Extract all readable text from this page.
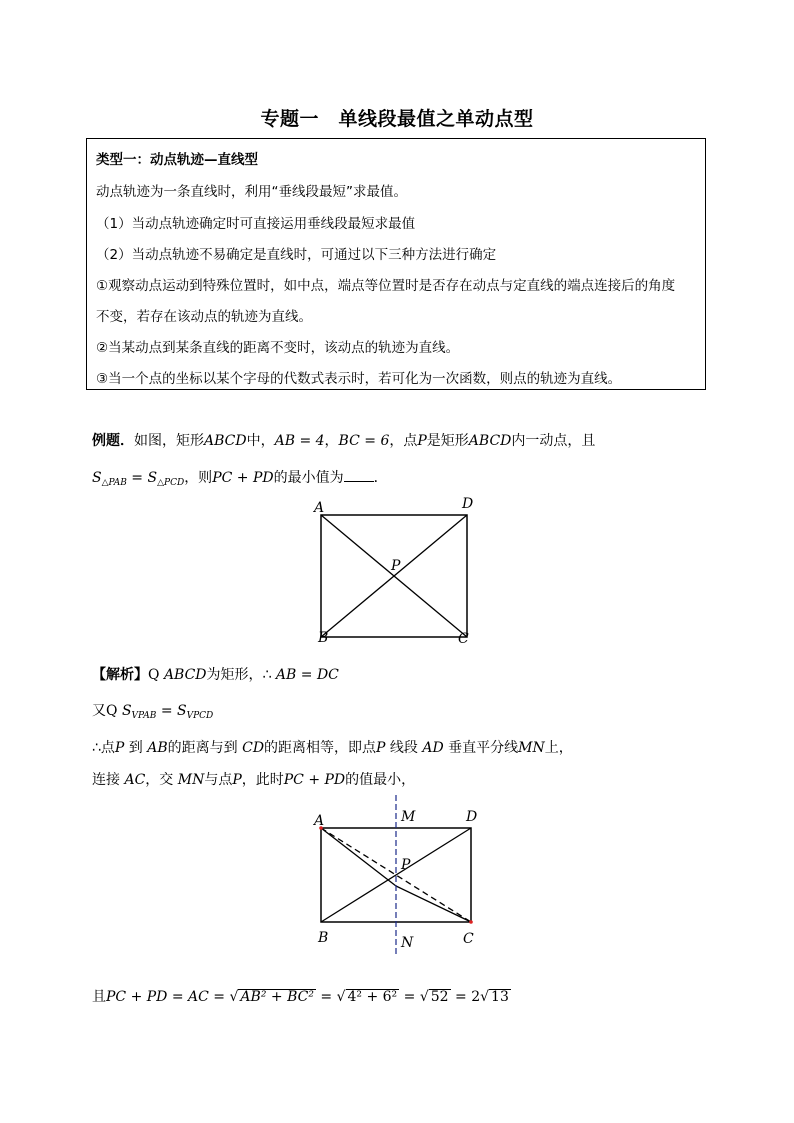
专题一　单线段最值之单动点型
类型一：动点轨迹—直线型
动点轨迹为一条直线时，利用“垂线段最短”求最值。
（1）当动点轨迹确定时可直接运用垂线段最短求最值
（2）当动点轨迹不易确定是直线时，可通过以下三种方法进行确定
①观察动点运动到特殊位置时，如中点，端点等位置时是否存在动点与定直线的端点连接后的角度
不变，若存在该动点的轨迹为直线。
②当某动点到某条直线的距离不变时，该动点的轨迹为直线。
③当一个点的坐标以某个字母的代数式表示时，若可化为一次函数，则点的轨迹为直线。
例题．如图，矩形ABCD中，AB = 4，BC = 6，点P是矩形ABCD内一动点，且
$S_{\triangle PAB} = S_{\triangle PCD}$，则PC + PD的最小值为 ．
A	D
B	C
P
【解析】Q ABCD为矩形，∴ AB = DC
又Q $S_{VPAB} = S_{VPCD}$
∴点P 到 AB的距离与到 CD的距离相等，即点P 线段 AD 垂直平分线MN上，
连接 AC，交 MN与点P，此时PC + PD的值最小，
A	D
B	C
P
M
N
且PC + PD = AC = √ AB² + BC² = √ 4² + 6² = √ 52 = 2√ 13
